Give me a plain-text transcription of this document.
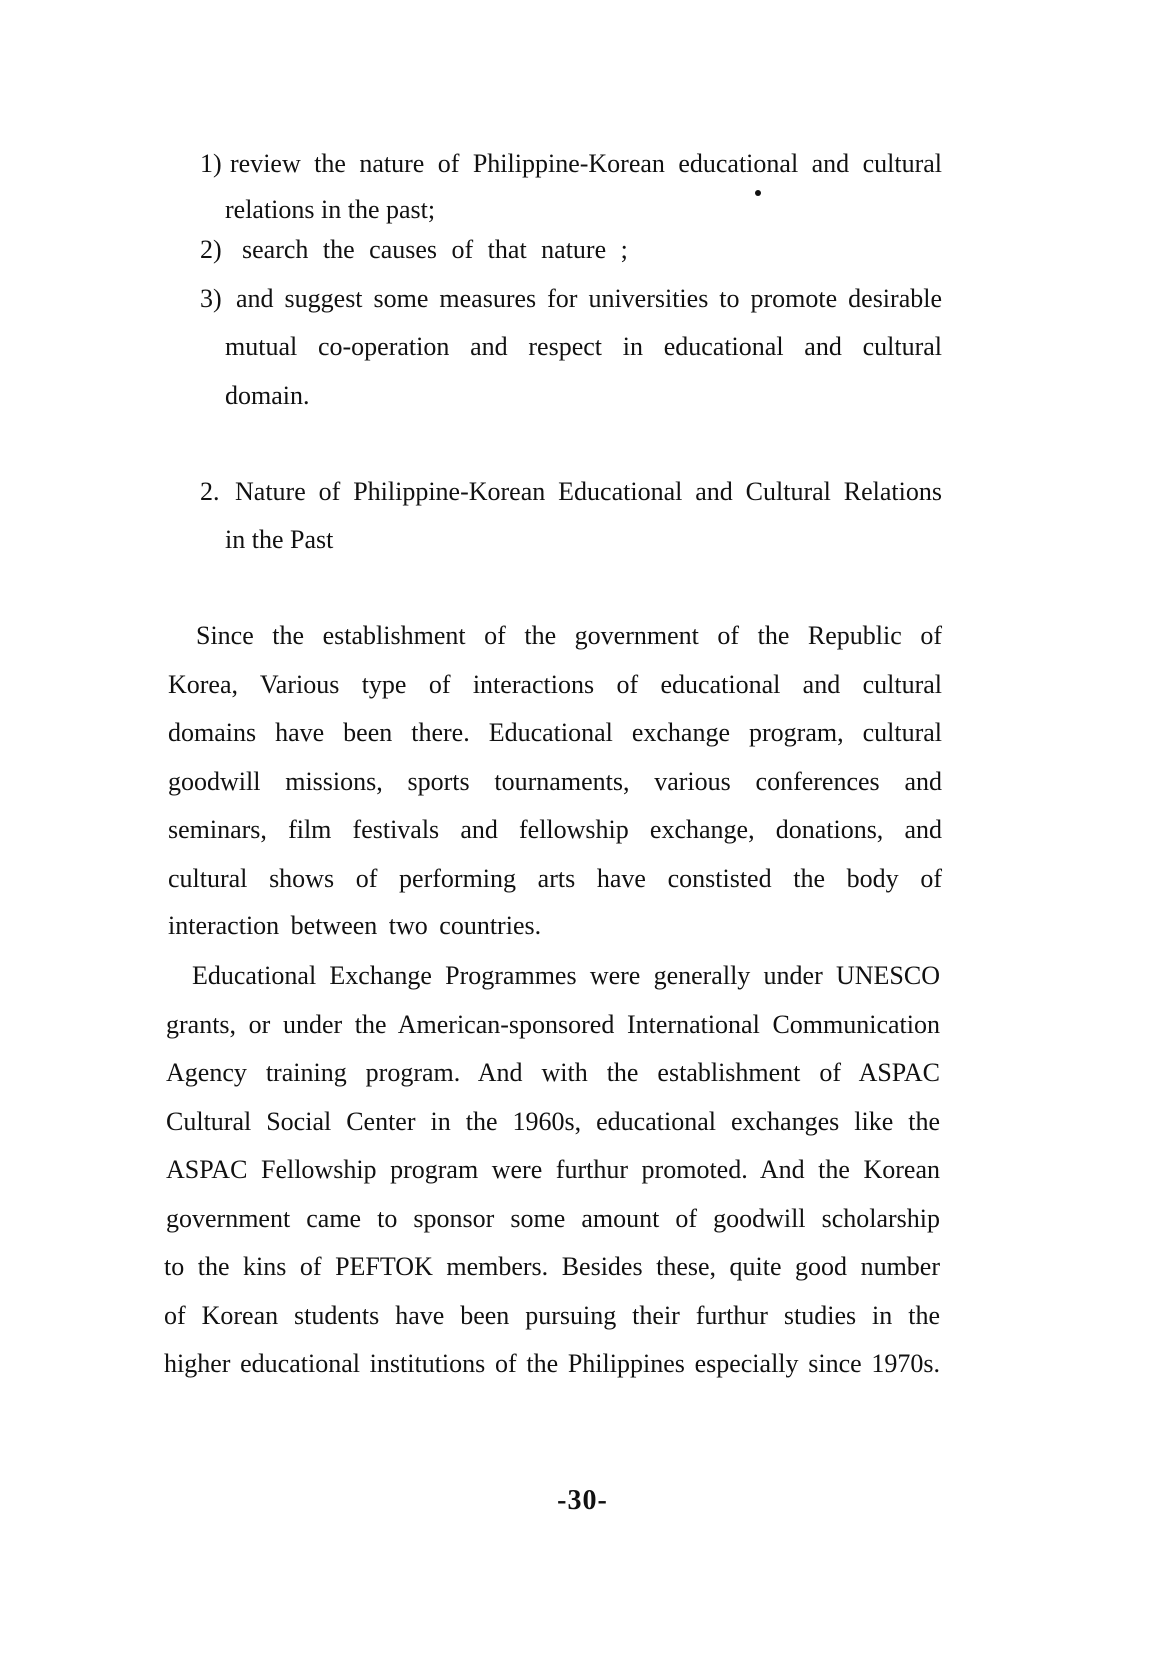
1) review the nature of Philippine-Korean educational and cultural
relations in the past;
2) search the causes of that nature ;
3) and suggest some measures for universities to promote desirable
mutual co-operation and respect in educational and cultural
domain.
2. Nature of Philippine-Korean Educational and Cultural Relations
in the Past
Since the establishment of the government of the Republic of
Korea, Various type of interactions of educational and cultural
domains have been there. Educational exchange program, cultural
goodwill missions, sports tournaments, various conferences and
seminars, film festivals and fellowship exchange, donations, and
cultural shows of performing arts have constisted the body of
interaction between two countries.
Educational Exchange Programmes were generally under UNESCO
grants, or under the American-sponsored International Communication
Agency training program. And with the establishment of ASPAC
Cultural Social Center in the 1960s, educational exchanges like the
ASPAC Fellowship program were furthur promoted. And the Korean
government came to sponsor some amount of goodwill scholarship
to the kins of PEFTOK members. Besides these, quite good number
of Korean students have been pursuing their furthur studies in the
higher educational institutions of the Philippines especially since 1970s.
-30-
